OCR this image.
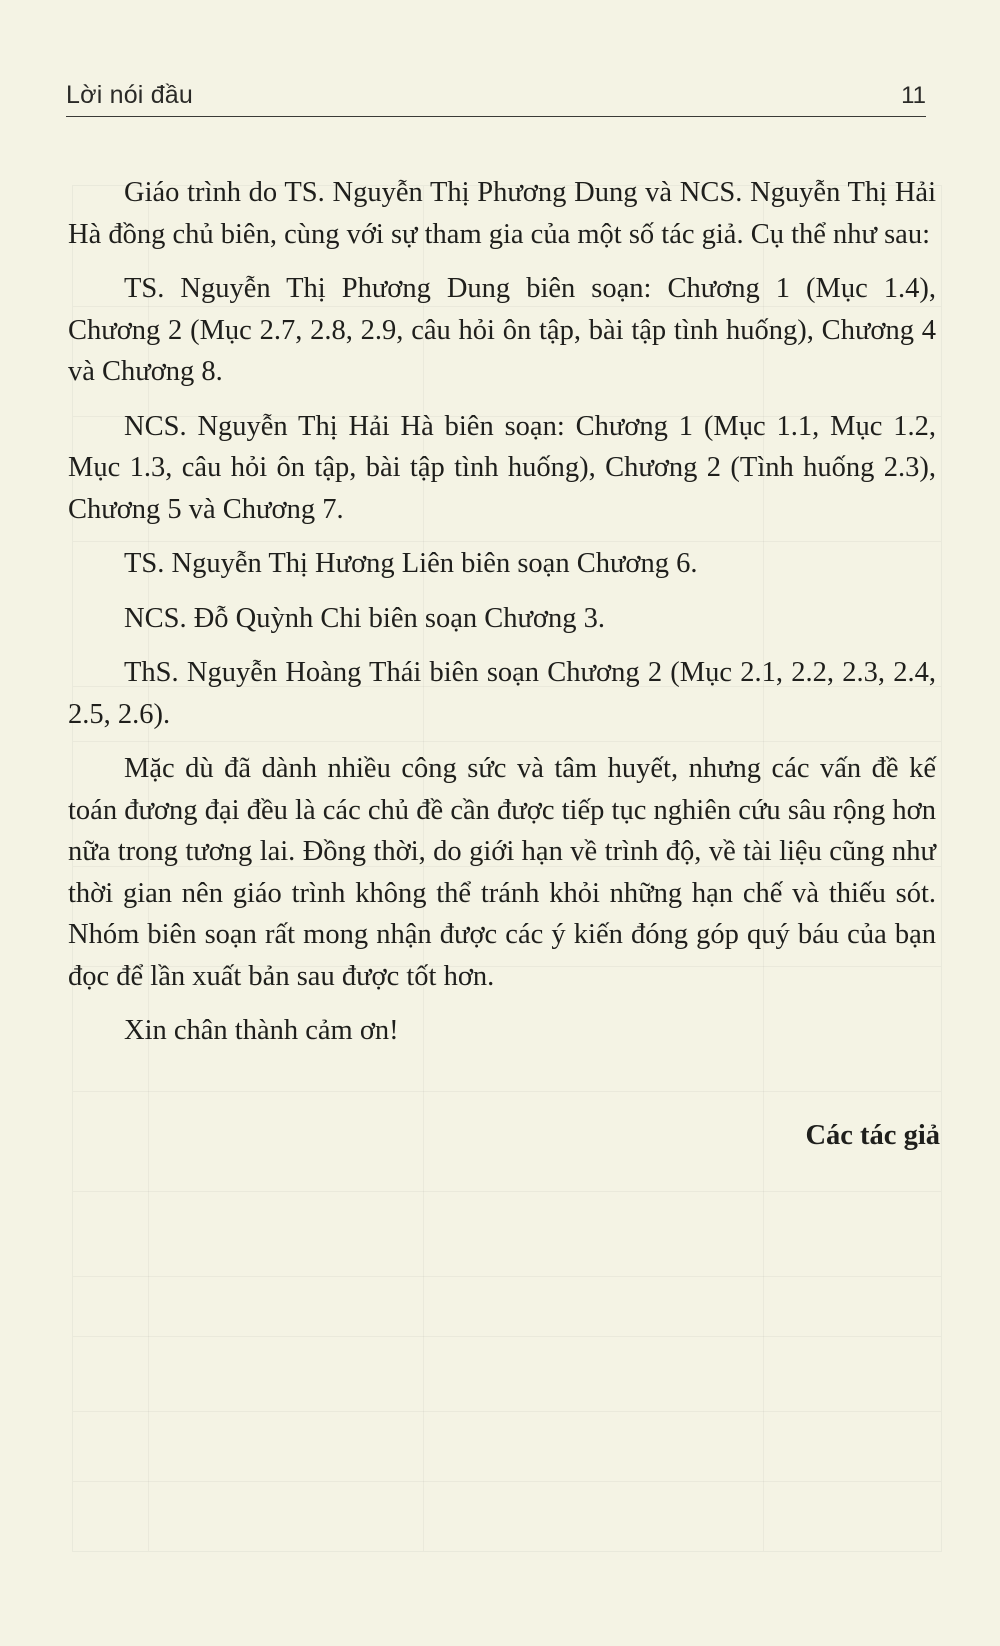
Lời nói đầu	11

Giáo trình do TS. Nguyễn Thị Phương Dung và NCS. Nguyễn Thị Hải Hà đồng chủ biên, cùng với sự tham gia của một số tác giả. Cụ thể như sau:

TS. Nguyễn Thị Phương Dung biên soạn: Chương 1 (Mục 1.4), Chương 2 (Mục 2.7, 2.8, 2.9, câu hỏi ôn tập, bài tập tình huống), Chương 4 và Chương 8.

NCS. Nguyễn Thị Hải Hà biên soạn: Chương 1 (Mục 1.1, Mục 1.2, Mục 1.3, câu hỏi ôn tập, bài tập tình huống), Chương 2 (Tình huống 2.3), Chương 5 và Chương 7.

TS. Nguyễn Thị Hương Liên biên soạn Chương 6.

NCS. Đỗ Quỳnh Chi biên soạn Chương 3.

ThS. Nguyễn Hoàng Thái biên soạn Chương 2 (Mục 2.1, 2.2, 2.3, 2.4, 2.5, 2.6).

Mặc dù đã dành nhiều công sức và tâm huyết, nhưng các vấn đề kế toán đương đại đều là các chủ đề cần được tiếp tục nghiên cứu sâu rộng hơn nữa trong tương lai. Đồng thời, do giới hạn về trình độ, về tài liệu cũng như thời gian nên giáo trình không thể tránh khỏi những hạn chế và thiếu sót. Nhóm biên soạn rất mong nhận được các ý kiến đóng góp quý báu của bạn đọc để lần xuất bản sau được tốt hơn.

Xin chân thành cảm ơn!

Các tác giả
